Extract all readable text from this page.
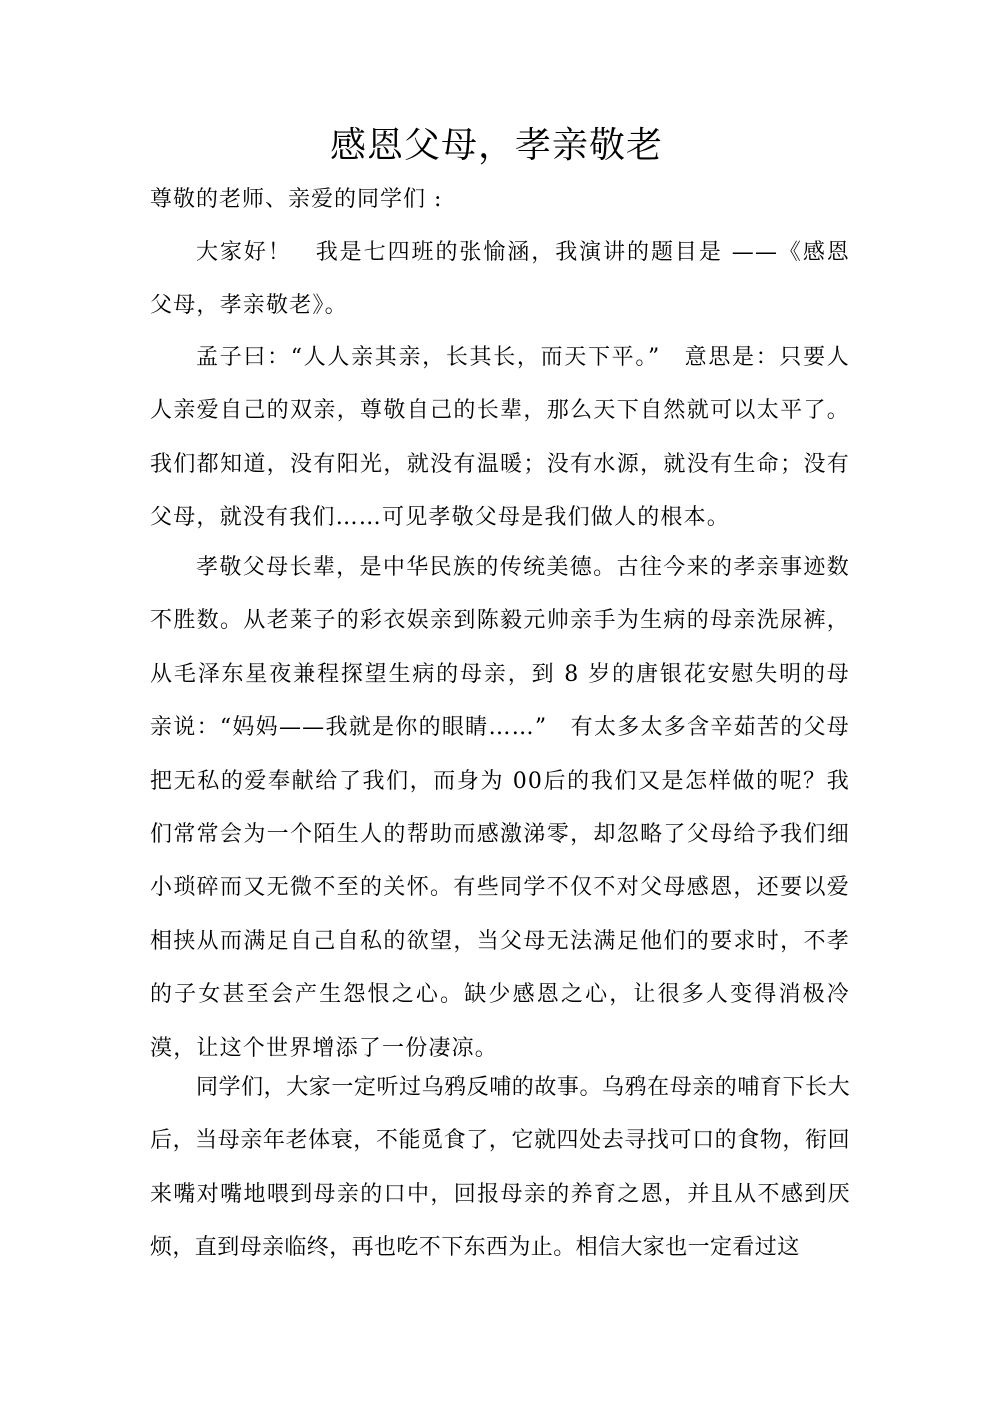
感恩父母，孝亲敬老
尊敬的老师、亲爱的同学们 :
大家好！　我是七四班的张愉涵，我演讲的题目是 ——《感恩父母，孝亲敬老》。
孟子曰：“人人亲其亲，长其长，而天下平。”　意思是：只要人人亲爱自己的双亲，尊敬自己的长辈，那么天下自然就可以太平了。我们都知道，没有阳光，就没有温暖；没有水源，就没有生命；没有父母，就没有我们……可见孝敬父母是我们做人的根本。
孝敬父母长辈，是中华民族的传统美德。古往今来的孝亲事迹数不胜数。从老莱子的彩衣娱亲到陈毅元帅亲手为生病的母亲洗尿裤，从毛泽东星夜兼程探望生病的母亲，到 8 岁的唐银花安慰失明的母亲说：“妈妈——我就是你的眼睛……”　有太多太多含辛茹苦的父母把无私的爱奉献给了我们，而身为 00后的我们又是怎样做的呢？我们常常会为一个陌生人的帮助而感激涕零，却忽略了父母给予我们细小琐碎而又无微不至的关怀。有些同学不仅不对父母感恩，还要以爱相挟从而满足自己自私的欲望，当父母无法满足他们的要求时，不孝的子女甚至会产生怨恨之心。缺少感恩之心，让很多人变得消极冷漠，让这个世界增添了一份凄凉。
同学们，大家一定听过乌鸦反哺的故事。乌鸦在母亲的哺育下长大后，当母亲年老体衰，不能觅食了，它就四处去寻找可口的食物，衔回来嘴对嘴地喂到母亲的口中，回报母亲的养育之恩，并且从不感到厌烦，直到母亲临终，再也吃不下东西为止。相信大家也一定看过这
